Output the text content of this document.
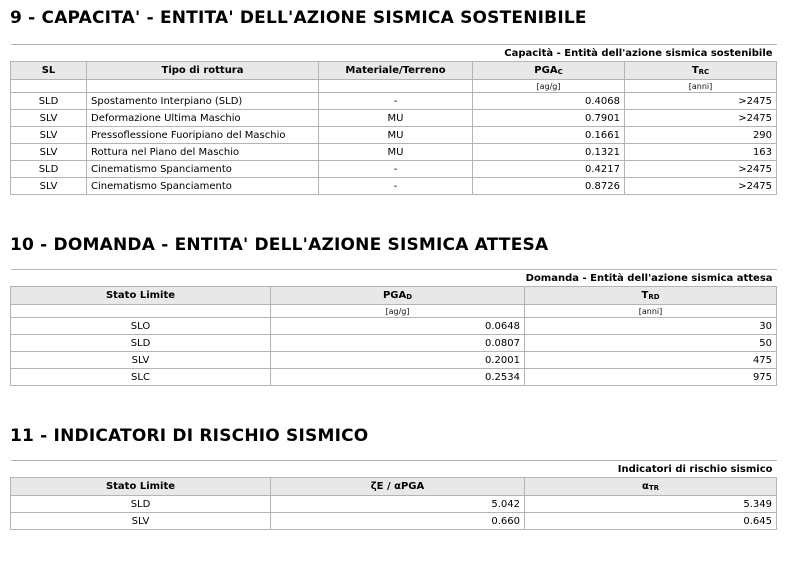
9 - CAPACITA' - ENTITA' DELL'AZIONE SISMICA SOSTENIBILE
Capacità - Entità dell'azione sismica sostenibile				
SL	Tipo di rottura	Materiale/Terreno	$PGA_C$	$T_{RC}$
			[ag/g]	[anni]
SLD	Spostamento Interpiano (SLD)	-	0.4068	>2475
SLV	Deformazione Ultima Maschio	MU	0.7901	>2475
SLV	Pressoflessione Fuoripiano del Maschio	MU	0.1661	290
SLV	Rottura nel Piano del Maschio	MU	0.1321	163
SLD	Cinematismo Spanciamento	-	0.4217	>2475
SLV	Cinematismo Spanciamento	-	0.8726	>2475
10 - DOMANDA - ENTITA' DELL'AZIONE SISMICA ATTESA
Domanda - Entità dell'azione sismica attesa		
Stato Limite	$PGA_D$	$T_{RD}$
	[ag/g]	[anni]
SLO	0.0648	30
SLD	0.0807	50
SLV	0.2001	475
SLC	0.2534	975
11 - INDICATORI DI RISCHIO SISMICO
Indicatori di rischio sismico		
Stato Limite	ζE / αPGA	$\alpha_{TR}$
SLD	5.042	5.349
SLV	0.660	0.645
